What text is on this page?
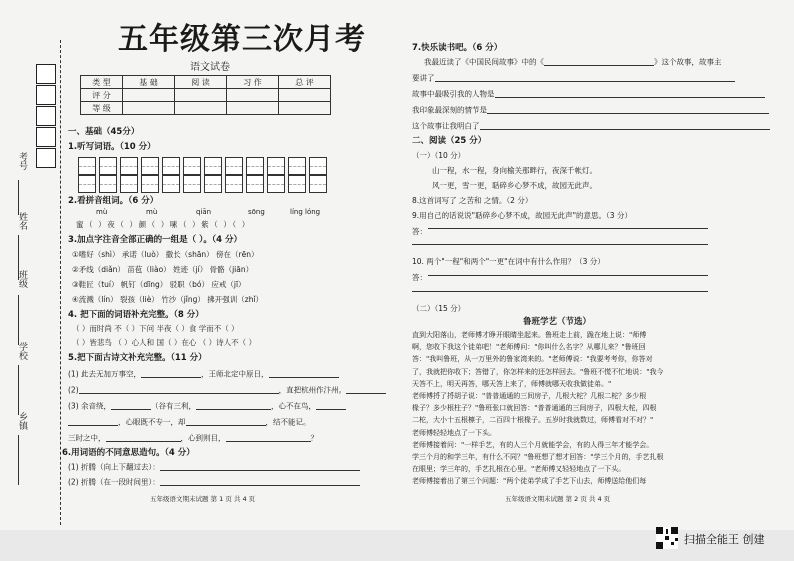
考号
姓名
班级
学校
乡镇
五年级第三次月考
语文试卷
类 型	基 础	阅 读	习 作	总 评
评 分				
等 级				
一、基础（45分）
1.听写词语。（10 分）
2.看拼音组词。（6 分）
mù	mù	qiān	sōng	líng lóng
蜜（ ）夜（ ）颜（ ）嗉（ ）紫（ ）（ ）
3.加点字注音全部正确的一组是（ ）。（4 分）
①嗜好（shì） 承诺（luò） 撒长（shān） 傍在（rēn）
②矛线（diǎn） 苗苞（liào） 姓迹（jí） 骨骼（jiān）
③鞋匠（tuí） 帆钉（dīng） 驳职（bó） 应戒（jī）
④流溅（lín） 裂孩（liè） 竹沙（jǐnɡ） 拂开强训（zhǐ）
4. 把下面的词语补充完整。（8 分）
（ ）而时尚 不（ ）下问 半夜（ ）食 学而不（ ）
（ ）皆悲鸟 （ ）心人和 国（ ）在心 （ ）诗人不（ ）
5.把下面古诗文补充完整。（11 分）
(1) 此去无加万事空，	，王师北定中原日，
(2)	，直把杭州作汴州。
(3) 余音绕，	（谷有三利，	，心不在鸟，
，心眼既不专一，却	，结不能记。
三时之中，	，心到则目，	？
6.用词语的不同意思造句。（4 分）
(1) 折腾（向上下翻过去）：
(2) 折腾（在一段时间里）：
五年级语文期末试题 第 1 页 共 4 页
7.快乐读书吧。（6 分）
我最近读了《中国民间故事》中的《	》这个故事，故事主
要讲了
故事中最吸引我的人物是
我印象最深刻的情节是
这个故事让我明白了
二、阅读（25 分）
（一）（10 分）
山一程，水一程，身向榆关那畔行，夜深千帐灯。
风一更，雪一更，聒碎乡心梦不成，故园无此声。
8.这首词写了 之苦和 之情。（2 分）
9.用自己的话说说"聒碎乡心梦不成，故园无此声"的意思。（3 分）
答：
10. 两个"一程"和两个"一更"在词中有什么作用？（3 分）
答：
（二）（15 分）
鲁班学艺（节选）
直到大阳落山，老师傅才睁开眼睛坐起来。鲁班走上前，跪在地上说："师傅
啊，您收下我这个徒弟吧！"老师傅问："你叫什么名字？从哪儿来？"鲁班回
答："我叫鲁班，从一万里外的鲁家湾来的。"老师傅说："我要考考你，你答对
了，我就把你收下；答错了，你怎样来的还怎样回去。"鲁班不慌不忙地说："我今
天答不上，明天再答，哪天答上来了，师傅就哪天收我做徒弟。"
老师傅捋了捋胡子说："普普通通的三间房子，几根大柁？几根二柁？多少根
椽子？多少根柱子？"鲁班张口就回答："普普通通的三间房子，四根大柁，四根
二柁，大小十五根檩子，二百四十根椽子。五岁时我就数过，师傅看对不对？"
老师傅轻轻地点了一下头。
老师傅接着问："一样手艺，有的人三个月就能学会，有的人得三年才能学会。
学三个月的和学三年，有什么不同？"鲁班想了想才回答："学三个月的，手艺扎根
在眼里；学三年的，手艺扎根在心里。"老师傅又轻轻地点了一下头。
老师傅接着出了第三个问题："两个徒弟学成了手艺下山去，师傅送给他们每
五年级语文期末试题 第 2 页 共 4 页
扫描全能王 创建
